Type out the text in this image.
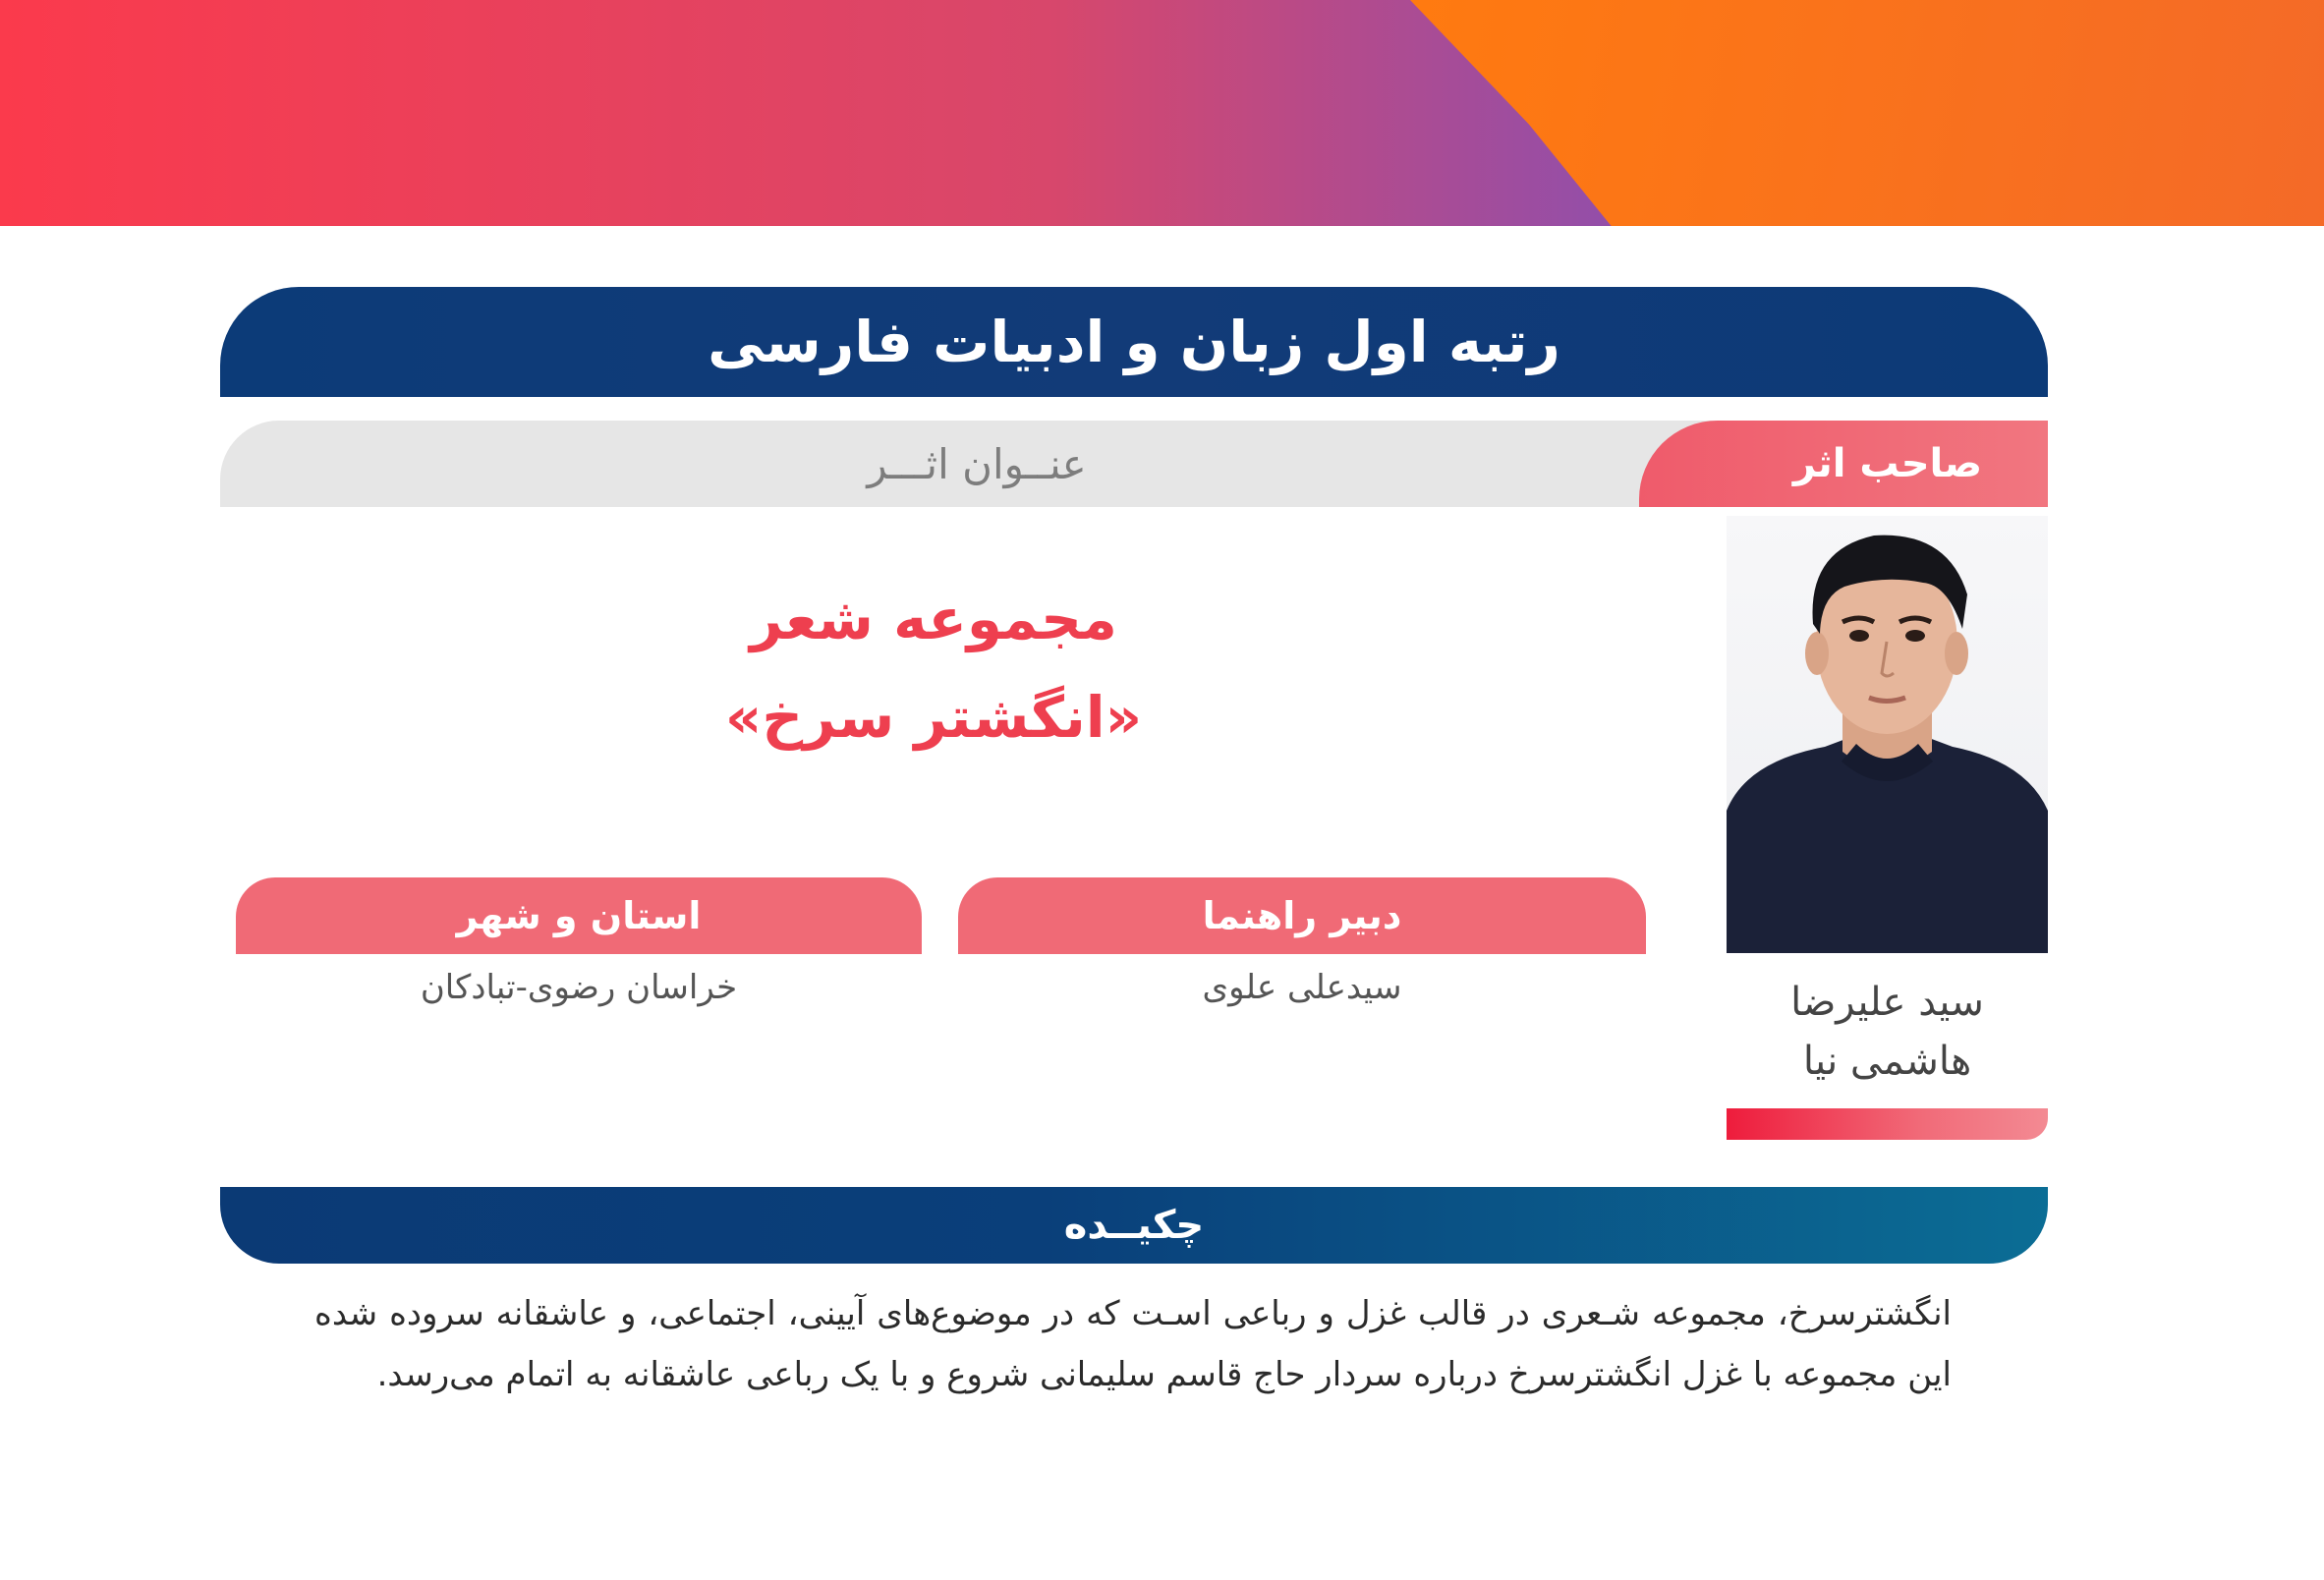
رتبه اول زبان و ادبیات فارسی
عنــوان اثـــر	صاحب اثر
مجموعه شعر
«انگشتر سرخ»
سید علیرضا
هاشمی نیا
دبیر راهنما
سیدعلی علوی
استان و شهر
خراسان رضوی-تبادکان
چکیــده
انگشترسرخ، مجموعه شـعری در قالب غزل و رباعی اسـت که در موضوع‌های آیینی، اجتماعی، و عاشقانه سروده شده این مجموعه با غزل انگشترسرخ درباره سردار حاج قاسم سلیمانی شروع و با یک رباعی عاشقانه به اتمام می‌رسد.
